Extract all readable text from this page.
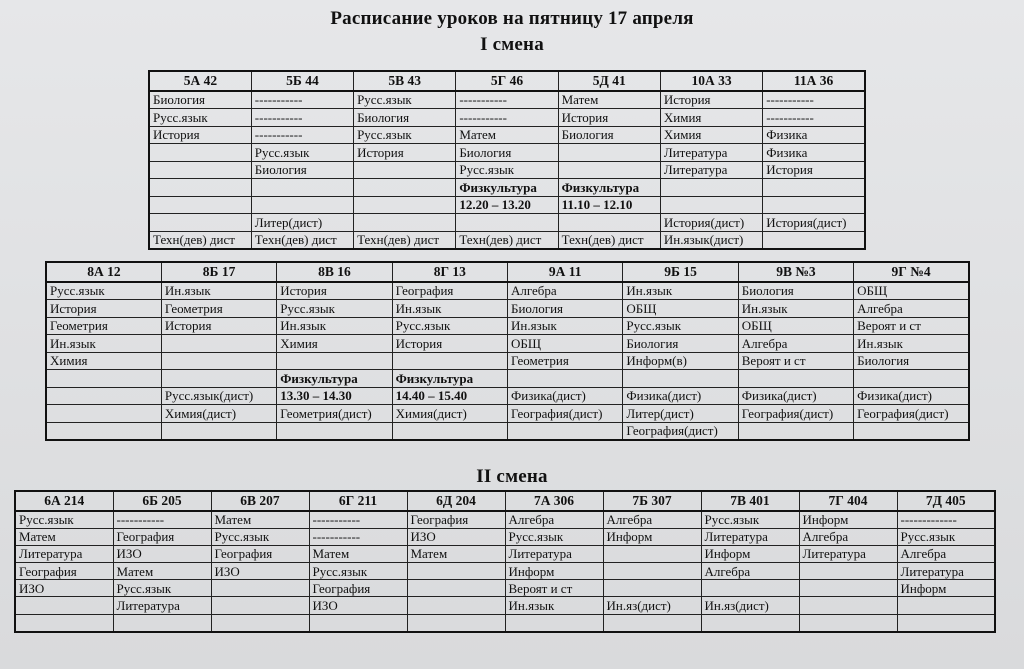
Расписание уроков на пятницу 17 апреля
I смена
5А 42	5Б 44	5В 43	5Г 46	5Д 41	10А 33	11А 36
Биология	-----------	Русс.язык	-----------	Матем	История	-----------
Русс.язык	-----------	Биология	-----------	История	Химия	-----------
История	-----------	Русс.язык	Матем	Биология	Химия	Физика
	Русс.язык	История	Биология		Литература	Физика
	Биология		Русс.язык		Литература	История
			Физкультура	Физкультура		
			12.20 – 13.20	11.10 – 12.10		
	Литер(дист)				История(дист)	История(дист)
Техн(дев) дист	Техн(дев) дист	Техн(дев) дист	Техн(дев) дист	Техн(дев) дист	Ин.язык(дист)	
8А 12	8Б 17	8В 16	8Г 13	9А 11	9Б 15	9В №3	9Г №4
Русс.язык	Ин.язык	История	География	Алгебра	Ин.язык	Биология	ОБЩ
История	Геометрия	Русс.язык	Ин.язык	Биология	ОБЩ	Ин.язык	Алгебра
Геометрия	История	Ин.язык	Русс.язык	Ин.язык	Русс.язык	ОБЩ	Вероят и ст
Ин.язык		Химия	История	ОБЩ	Биология	Алгебра	Ин.язык
Химия				Геометрия	Информ(в)	Вероят и ст	Биология
		Физкультура	Физкультура				
	Русс.язык(дист)	13.30 – 14.30	14.40 – 15.40	Физика(дист)	Физика(дист)	Физика(дист)	Физика(дист)
	Химия(дист)	Геометрия(дист)	Химия(дист)	География(дист)	Литер(дист)	География(дист)	География(дист)
					География(дист)		
II смена
6А 214	6Б 205	6В 207	6Г 211	6Д 204	7А 306	7Б 307	7В 401	7Г 404	7Д 405
Русс.язык	-----------	Матем	-----------	География	Алгебра	Алгебра	Русс.язык	Информ	-------------
Матем	География	Русс.язык	-----------	ИЗО	Русс.язык	Информ	Литература	Алгебра	Русс.язык
Литература	ИЗО	География	Матем	Матем	Литература		Информ	Литература	Алгебра
География	Матем	ИЗО	Русс.язык		Информ		Алгебра		Литература
ИЗО	Русс.язык		География		Вероят и ст				Информ
	Литература		ИЗО		Ин.язык	Ин.яз(дист)	Ин.яз(дист)		
